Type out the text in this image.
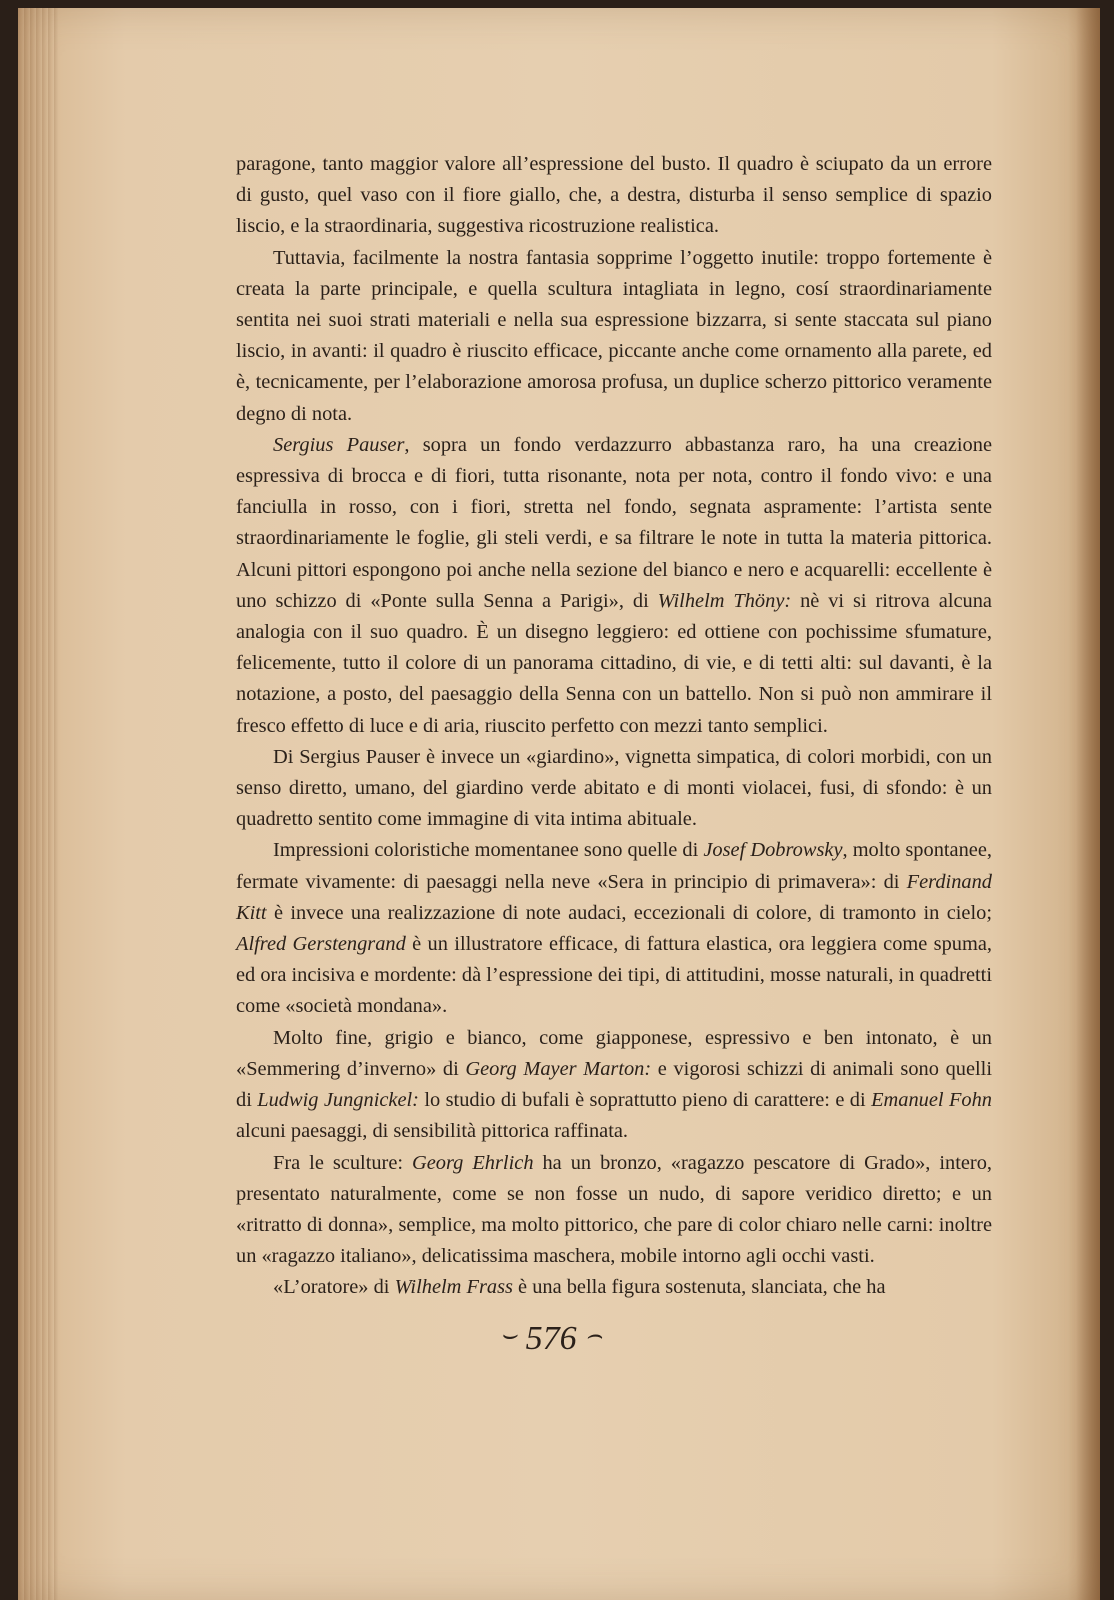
paragone, tanto maggior valore all’espressione del busto. Il quadro è sciupato da un errore di gusto, quel vaso con il fiore giallo, che, a destra, disturba il senso semplice di spazio liscio, e la straordinaria, suggestiva ricostruzione realistica.

Tuttavia, facilmente la nostra fantasia sopprime l’oggetto inutile: troppo fortemente è creata la parte principale, e quella scultura intagliata in legno, cosí straordinariamente sentita nei suoi strati materiali e nella sua espressione bizzarra, si sente staccata sul piano liscio, in avanti: il quadro è riuscito efficace, piccante anche come ornamento alla parete, ed è, tecnicamente, per l’elaborazione amorosa profusa, un duplice scherzo pittorico veramente degno di nota.

Sergius Pauser, sopra un fondo verdazzurro abbastanza raro, ha una creazione espressiva di brocca e di fiori, tutta risonante, nota per nota, contro il fondo vivo: e una fanciulla in rosso, con i fiori, stretta nel fondo, segnata aspramente: l’artista sente straordinariamente le foglie, gli steli verdi, e sa filtrare le note in tutta la materia pittorica. Alcuni pittori espongono poi anche nella sezione del bianco e nero e acquarelli: eccellente è uno schizzo di «Ponte sulla Senna a Parigi», di Wilhelm Thöny: nè vi si ritrova alcuna analogia con il suo quadro. È un disegno leggiero: ed ottiene con pochissime sfumature, felicemente, tutto il colore di un panorama cittadino, di vie, e di tetti alti: sul davanti, è la notazione, a posto, del paesaggio della Senna con un battello. Non si può non ammirare il fresco effetto di luce e di aria, riuscito perfetto con mezzi tanto semplici.

Di Sergius Pauser è invece un «giardino», vignetta simpatica, di colori morbidi, con un senso diretto, umano, del giardino verde abitato e di monti violacei, fusi, di sfondo: è un quadretto sentito come immagine di vita intima abituale.

Impressioni coloristiche momentanee sono quelle di Josef Dobrowsky, molto spontanee, fermate vivamente: di paesaggi nella neve «Sera in principio di primavera»: di Ferdinand Kitt è invece una realizzazione di note audaci, eccezionali di colore, di tramonto in cielo; Alfred Gerstengrand è un illustratore efficace, di fattura elastica, ora leggiera come spuma, ed ora incisiva e mordente: dà l’espressione dei tipi, di attitudini, mosse naturali, in quadretti come «società mondana».

Molto fine, grigio e bianco, come giapponese, espressivo e ben intonato, è un «Semmering d’inverno» di Georg Mayer Marton: e vigorosi schizzi di animali sono quelli di Ludwig Jungnickel: lo studio di bufali è soprattutto pieno di carattere: e di Emanuel Fohn alcuni paesaggi, di sensibilità pittorica raffinata.

Fra le sculture: Georg Ehrlich ha un bronzo, «ragazzo pescatore di Grado», intero, presentato naturalmente, come se non fosse un nudo, di sapore veridico diretto; e un «ritratto di donna», semplice, ma molto pittorico, che pare di color chiaro nelle carni: inoltre un «ragazzo italiano», delicatissima maschera, mobile intorno agli occhi vasti.

«L’oratore» di Wilhelm Frass è una bella figura sostenuta, slanciata, che ha

⌣ 576 ⌢
